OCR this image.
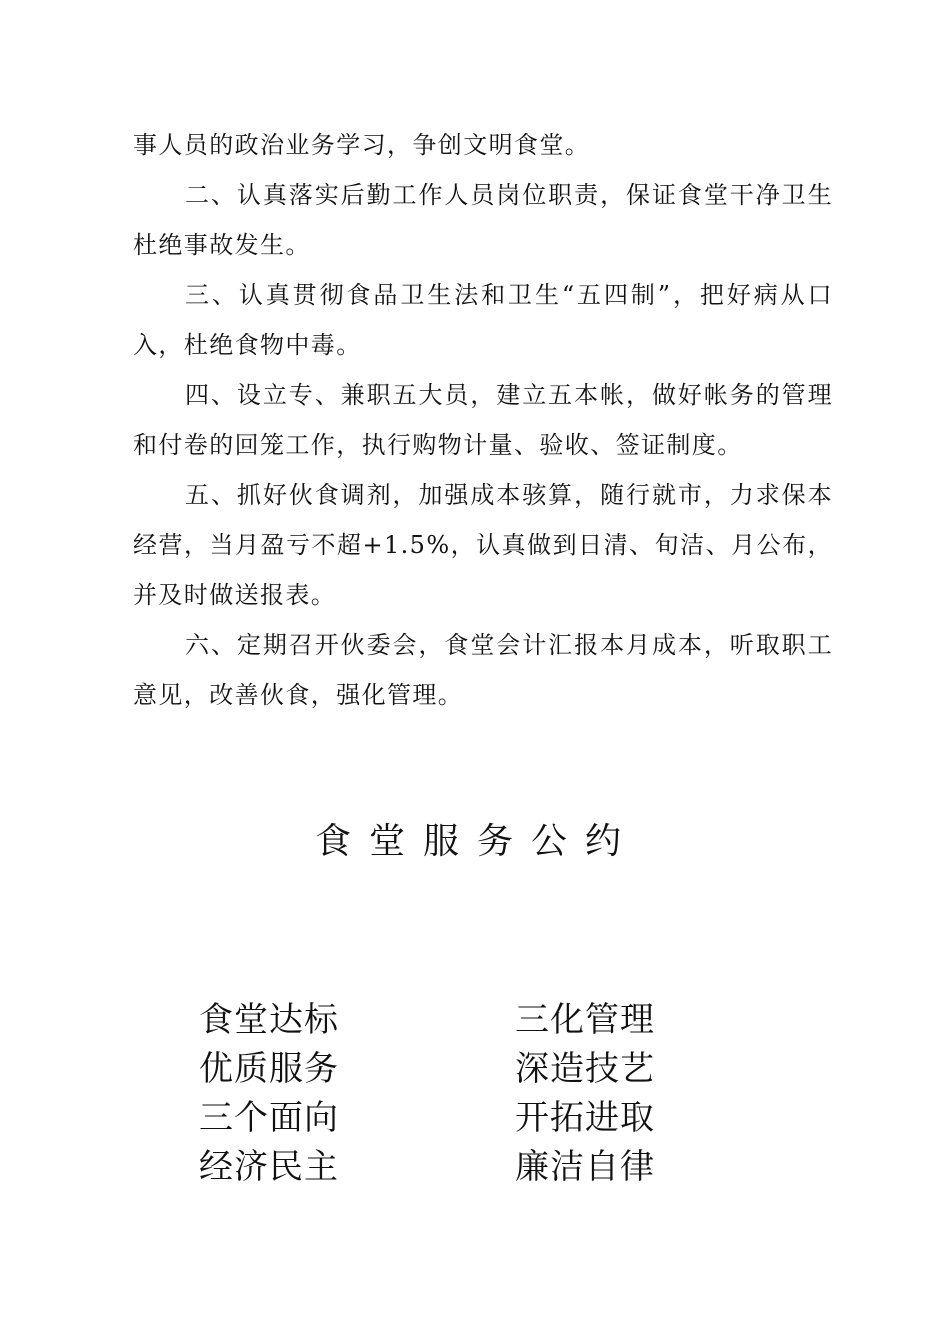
事人员的政治业务学习，争创文明食堂。

二、认真落实后勤工作人员岗位职责，保证食堂干净卫生杜绝事故发生。

三、认真贯彻食品卫生法和卫生“五四制”，把好病从口入，杜绝食物中毒。

四、设立专、兼职五大员，建立五本帐，做好帐务的管理和付卷的回笼工作，执行购物计量、验收、签证制度。

五、抓好伙食调剂，加强成本骇算，随行就市，力求保本经营，当月盈亏不超+1.5%，认真做到日清、旬洁、月公布，并及时做送报表。

六、定期召开伙委会，食堂会计汇报本月成本，听取职工意见，改善伙食，强化管理。

食堂服务公约
食堂达标	三化管理
优质服务	深造技艺
三个面向	开拓进取
经济民主	廉洁自律
